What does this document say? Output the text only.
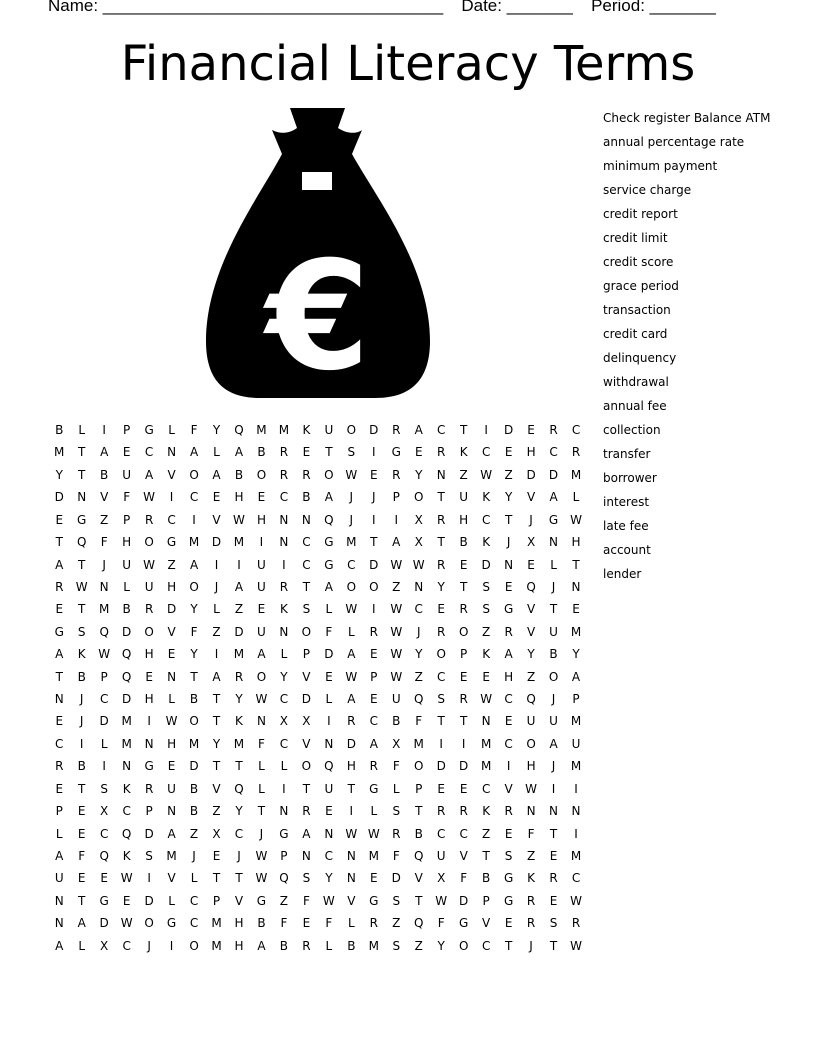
Name: ____________________________________ Date: _______ Period: _______
Financial Literacy Terms
€
B	L	I	P	G	L	F	Y	Q	M	M	K	U	O	D	R	A	C	T	I	D	E	R	C
M	T	A	E	C	N	A	L	A	B	R	E	T	S	I	G	E	R	K	C	E	H	C	R
Y	T	B	U	A	V	O	A	B	O	R	R	O W	E	R	Y	N	Z	W	Z	D	D	M
D	N	V	F	W	I	C	E	H	E	C	B	A	J	J	P	O	T	U	K	Y	V	A	L
E	G	Z	P	R	C	I	V	W	H	N	N	Q	J	I	I	X	R	H	C	T	J	G W
T	Q	F	H	O	G	M	D	M	I	N	C	G	M	T	A	X	T	B	K	J	X	N	H
A	T	J	U	W	Z	A	I	I	U	I	C	G	C	D W W	R	E	D	N	E	L	T
R	W	N	L	U	H	O	J	A	U	R	T	A	O	O	Z	N	Y	T	S	E	Q	J	N
E	T	M	B	R	D	Y	L	Z	E	K	S	L	W	I	W	C	E	R	S	G	V	T	E
G	S	Q	D	O	V	F	Z	D	U	N	O	F	L	R	W	J	R	O	Z	R	V	U	M
A	K	W Q	H	E	Y	I	M	A	L	P	D	A	E	W	Y	O	P	K	A	Y	B	Y
T	B	P	Q	E	N	T	A	R	O	Y	V	E	W	P	W	Z	C	E	E	H	Z	O	A
N	J	C	D	H	L	B	T	Y	W	C	D	L	A	E	U	Q	S	R	W	C	Q	J	P
E	J	D	M	I	W O	T	K	N	X	X	I	R	C	B	F	T	T	N	E	U	U	M
C	I	L	M	N	H	M	Y	M	F	C	V	N	D	A	X	M	I	I	M	C	O	A	U
R	B	I	N	G	E	D	T	T	L	L	O	Q	H	R	F	O	D	D	M	I	H	J	M
E	T	S	K	R	U	B	V	Q	L	I	T	U	T	G	L	P	E	E	C	V	W	I	I
P	E	X	C	P	N	B	Z	Y	T	N	R	E	I	L	S	T	R	R	K	R	N	N	N
L	E	C	Q	D	A	Z	X	C	J	G	A	N	W W	R	B	C	C	Z	E	F	T	I
A	F	Q	K	S	M	J	E	J	W	P	N	C	N	M	F	Q	U	V	T	S	Z	E	M
U	E	E	W	I	V	L	T	T	W Q	S	Y	N	E	D	V	X	F	B	G	K	R	C
N	T	G	E	D	L	C	P	V	G	Z	F	W	V	G	S	T	W D	P	G	R	E	W
N	A	D W O	G	C	M	H	B	F	E	F	L	R	Z	Q	F	G	V	E	R	S	R
A	L	X	C	J	I	O	M	H	A	B	R	L	B	M	S	Z	Y	O	C	T	J	T	W
Check register Balance ATM
annual percentage rate
minimum payment
service charge
credit report
credit limit
credit score
grace period
transaction
credit card
delinquency
withdrawal
annual fee
collection
transfer
borrower
interest
late fee
account
lender
